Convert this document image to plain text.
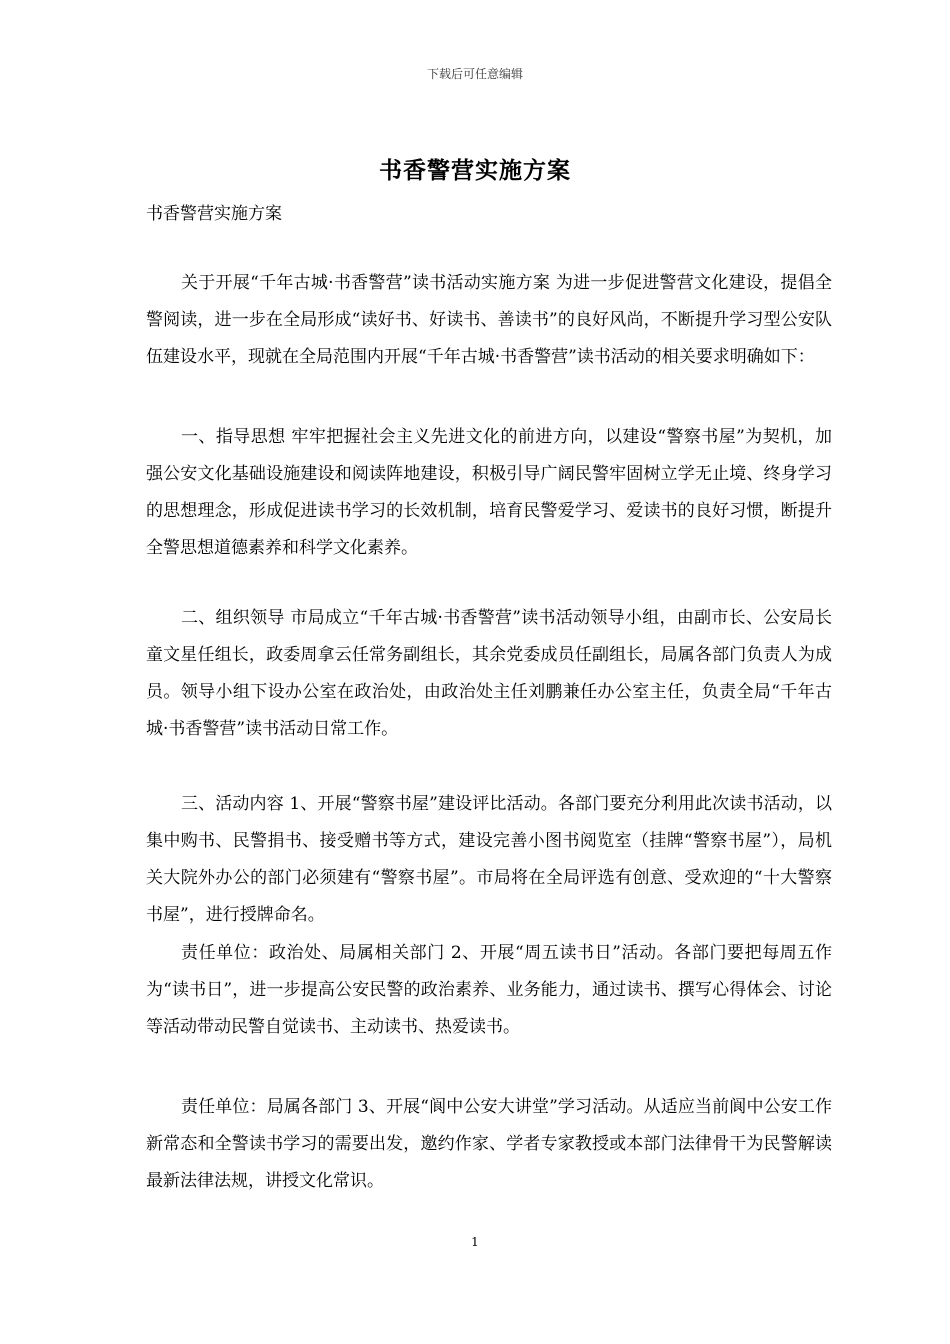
下载后可任意编辑
书香警营实施方案
书香警营实施方案

关于开展“千年古城·书香警营”读书活动实施方案 为进一步促进警营文化建设，提倡全警阅读，进一步在全局形成“读好书、好读书、善读书”的良好风尚，不断提升学习型公安队伍建设水平，现就在全局范围内开展“千年古城·书香警营”读书活动的相关要求明确如下：

一、指导思想 牢牢把握社会主义先进文化的前进方向，以建设“警察书屋”为契机，加强公安文化基础设施建设和阅读阵地建设，积极引导广阔民警牢固树立学无止境、终身学习的思想理念，形成促进读书学习的长效机制，培育民警爱学习、爱读书的良好习惯，断提升全警思想道德素养和科学文化素养。

二、组织领导 市局成立“千年古城·书香警营”读书活动领导小组，由副市长、公安局长童文星任组长，政委周拿云任常务副组长，其余党委成员任副组长，局属各部门负责人为成员。领导小组下设办公室在政治处，由政治处主任刘鹏兼任办公室主任，负责全局“千年古城·书香警营”读书活动日常工作。

三、活动内容 1、开展“警察书屋”建设评比活动。各部门要充分利用此次读书活动，以集中购书、民警捐书、接受赠书等方式，建设完善小图书阅览室（挂牌“警察书屋”），局机关大院外办公的部门必须建有“警察书屋”。市局将在全局评选有创意、受欢迎的“十大警察书屋”，进行授牌命名。

责任单位：政治处、局属相关部门 2、开展“周五读书日”活动。各部门要把每周五作为“读书日”，进一步提高公安民警的政治素养、业务能力，通过读书、撰写心得体会、讨论等活动带动民警自觉读书、主动读书、热爱读书。

责任单位：局属各部门 3、开展“阆中公安大讲堂”学习活动。从适应当前阆中公安工作新常态和全警读书学习的需要出发，邀约作家、学者专家教授或本部门法律骨干为民警解读最新法律法规，讲授文化常识。

1
